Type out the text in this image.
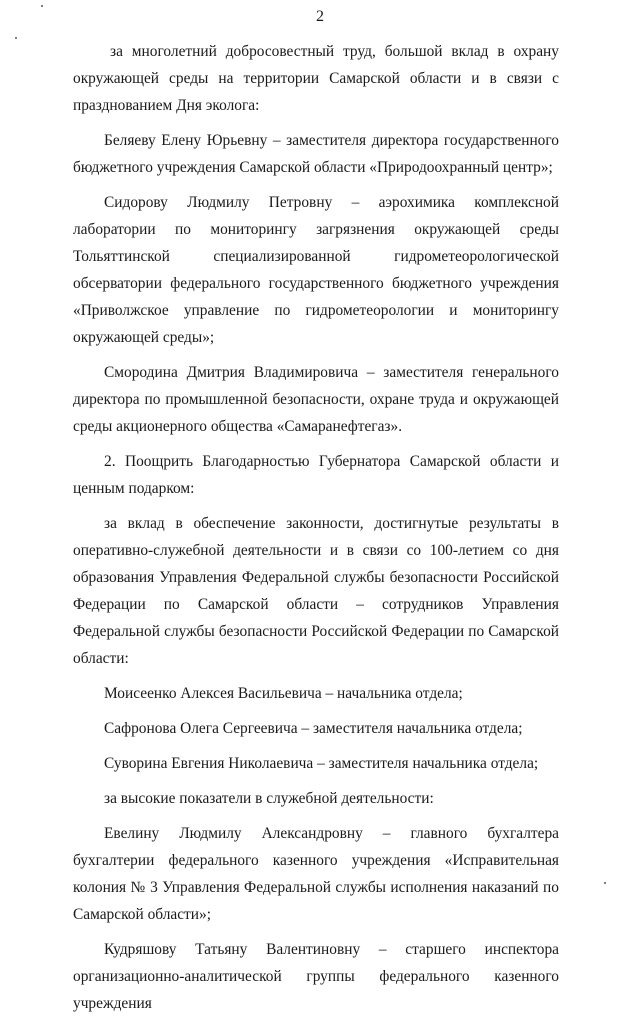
2

за многолетний добросовестный труд, большой вклад в охрану окружающей среды на территории Самарской области и в связи с празднованием Дня эколога:

Беляеву Елену Юрьевну – заместителя директора государственного бюджетного учреждения Самарской области «Природоохранный центр»;

Сидорову Людмилу Петровну – аэрохимика комплексной лаборатории по мониторингу загрязнения окружающей среды Тольяттинской специализированной гидрометеорологической обсерватории федерального государственного бюджетного учреждения «Приволжское управление по гидрометеорологии и мониторингу окружающей среды»;

Смородина Дмитрия Владимировича – заместителя генерального директора по промышленной безопасности, охране труда и окружающей среды акционерного общества «Самаранефтегаз».

2. Поощрить Благодарностью Губернатора Самарской области и ценным подарком:

за вклад в обеспечение законности, достигнутые результаты в оперативно-служебной деятельности и в связи со 100-летием со дня образования Управления Федеральной службы безопасности Российской Федерации по Самарской области – сотрудников Управления Федеральной службы безопасности Российской Федерации по Самарской области:

Моисеенко Алексея Васильевича – начальника отдела;

Сафронова Олега Сергеевича – заместителя начальника отдела;

Суворина Евгения Николаевича – заместителя начальника отдела;

за высокие показатели в служебной деятельности:

Евелину Людмилу Александровну – главного бухгалтера бухгалтерии федерального казенного учреждения «Исправительная колония № 3 Управления Федеральной службы исполнения наказаний по Самарской области»;

Кудряшову Татьяну Валентиновну – старшего инспектора организационно-аналитической группы федерального казенного учреждения
